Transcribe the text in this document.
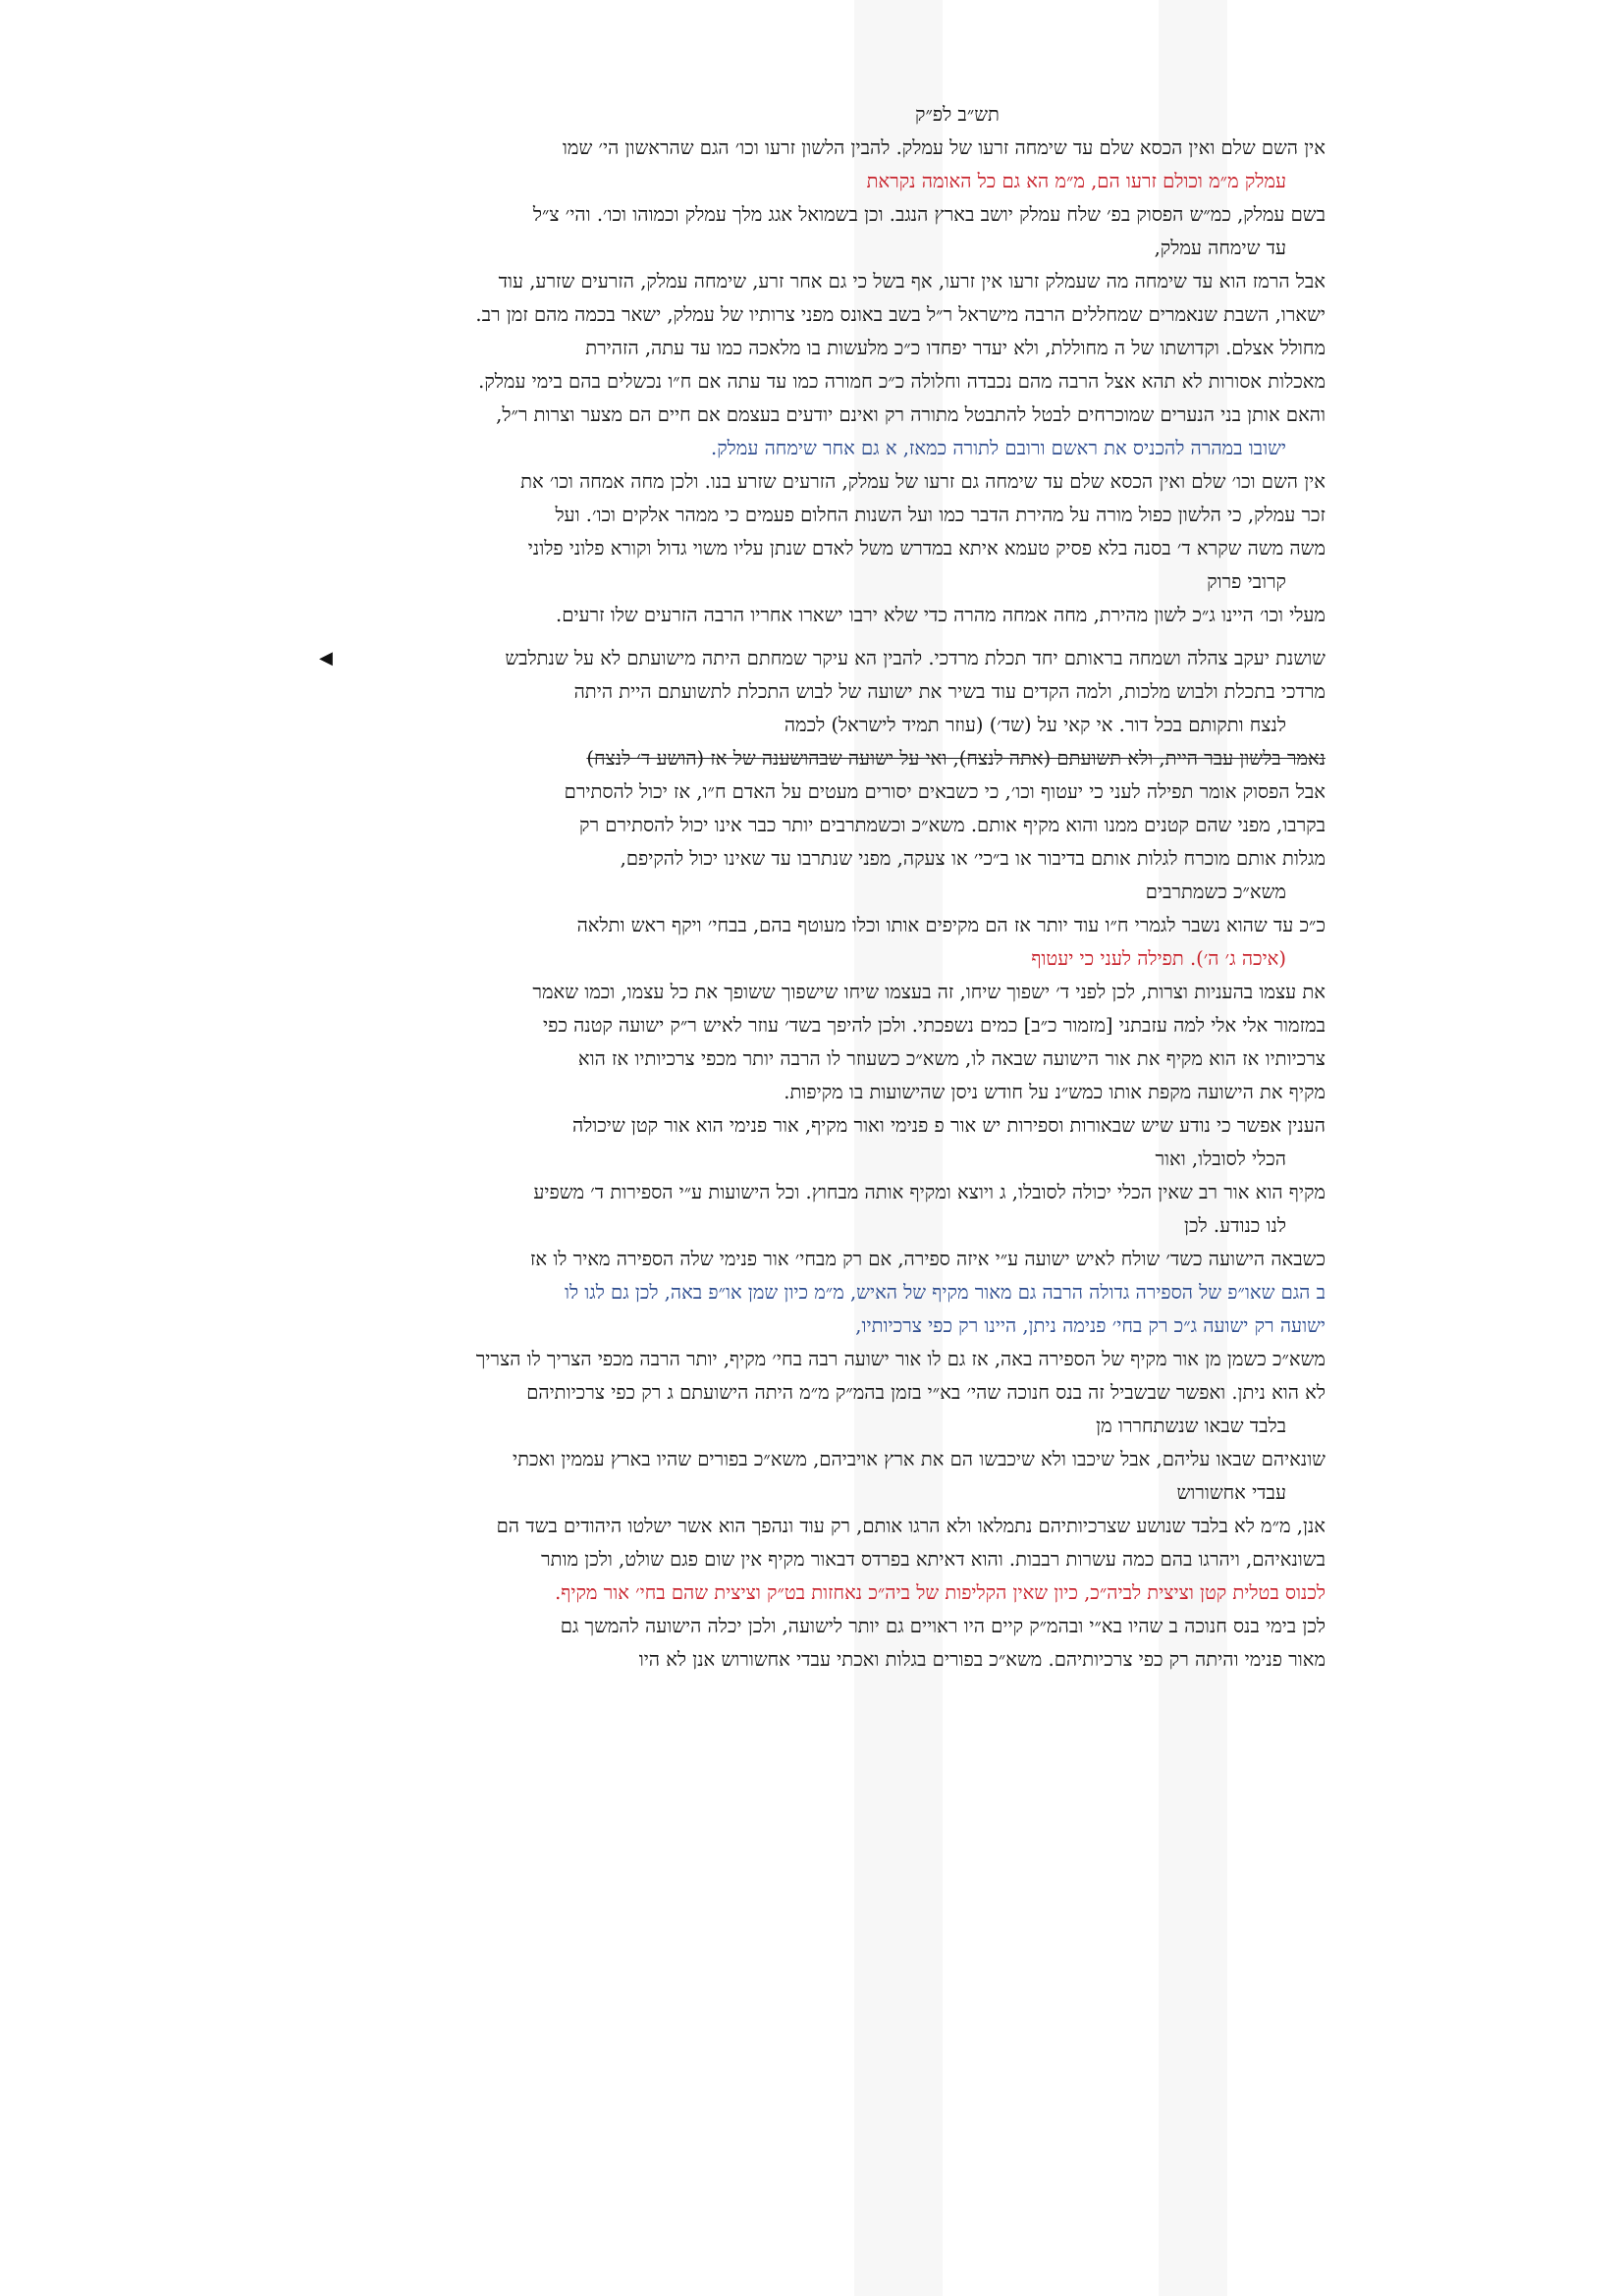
תש״ב לפ״ק
אין השם שלם ואין הכסא שלם עד שימחה זרעו של עמלק. להבין הלשון זרעו וכו׳ הגם שהראשון הי׳ שמו
עמלק מ״מ וכולם זרעו הם, מ״מ הא גם כל האומה נקראת
בשם עמלק, כמ״ש הפסוק בפ׳ שלח עמלק יושב בארץ הנגב. וכן בשמואל אגג מלך עמלק וכמוהו וכו׳. והי׳ צ״ל
עד שימחה עמלק,
אבל הרמז הוא עד שימחה מה שעמלק זרעו אין זרעו, אף בשל כי גם אחר זרע, שימחה עמלק, הזרעים שזרע, עוד
ישארו, השבת שנאמרים שמחללים הרבה מישראל ר״ל בשב באונס מפני צרותיו של עמלק, ישאר בכמה מהם זמן רב.
מחולל אצלם. וקדושתו של ה מחוללת, ולא יעדר יפחדו כ״כ מלעשות בו מלאכה כמו עד עתה, הזהירת
מאכלות אסורות לא תהא אצל הרבה מהם נכבדה וחלולה כ״כ חמורה כמו עד עתה אם ח״ו נכשלים בהם בימי עמלק.
והאם אותן בני הנערים שמוכרחים לבטל להתבטל מתורה רק ואינם יודעים בעצמם אם חיים הם מצער וצרות ר״ל,
ישובו במהרה להכניס את ראשם ורובם לתורה כמאז, א גם אחר שימחה עמלק.
אין השם וכו׳ שלם ואין הכסא שלם עד שימחה גם זרעו של עמלק, הזרעים שזרע בנו. ולכן מחה אמחה וכו׳ את
זכר עמלק, כי הלשון כפול מורה על מהירת הדבר כמו ועל השנות החלום פעמים כי ממהר אלקים וכו׳. ועל
משה משה שקרא ד׳ בסנה בלא פסיק טעמא איתא במדרש משל לאדם שנתן עליו משוי גדול וקורא פלוני פלוני
קרובי פרוק
מעלי וכו׳ היינו ג״כ לשון מהירת, מחה אמחה מהרה כדי שלא ירבו ישארו אחריו הרבה הזרעים שלו זרעים.
◀	שושנת יעקב צהלה ושמחה בראותם יחד תכלת מרדכי. להבין הא עיקר שמחתם היתה מישועתם לא על שנתלבש
מרדכי בתכלת ולבוש מלכות, ולמה הקדים עוד בשיר את ישועה של לבוש התכלת לתשועתם היית היתה
לנצח ותקותם בכל דור. אי קאי על (שד׳) (עוזר תמיד לישראל) לכמה
נאמר בלשון עבר היית, ולא תשועתם (אתה לנצח), ואי על ישועה שבהושענה של אז (הושע ד׳ לנצח)
אבל הפסוק אומר תפילה לעני כי יעטוף וכו׳, כי כשבאים יסורים מעטים על האדם ח״ו, אז יכול להסתירם
בקרבו, מפני שהם קטנים ממנו והוא מקיף אותם. משא״כ וכשמתרבים יותר כבר אינו יכול להסתירם רק
מגלות אותם מוכרח לגלות אותם בדיבור או ב״כי׳ או צעקה, מפני שנתרבו עד שאינו יכול להקיפם,
משא״כ כשמתרבים
כ״כ עד שהוא נשבר לגמרי ח״ו עוד יותר אז הם מקיפים אותו וכלו מעוטף בהם, בבחי׳ ויקף ראש ותלאה
(איכה ג׳ ה׳). תפילה לעני כי יעטוף
את עצמו בהעניות וצרות, לכן לפני ד׳ ישפוך שיחו, זה בעצמו שיחו שישפוך ששופך את כל עצמו, וכמו שאמר
במזמור אלי אלי למה עזבתני [מזמור כ״ב] כמים נשפכתי. ולכן להיפך בשד׳ עוזר לאיש ר״ק ישועה קטנה כפי
צרכיותיו אז הוא מקיף את אור הישועה שבאה לו, משא״כ כשעוזר לו הרבה יותר מכפי צרכיותיו אז הוא
מקיף את הישועה מקפת אותו כמש״נ על חודש ניסן שהישועות בו מקיפות.
הענין אפשר כי נודע שיש שבאורות וספירות יש אור פ פנימי ואור מקיף, אור פנימי הוא אור קטן שיכולה
הכלי לסובלו, ואור
מקיף הוא אור רב שאין הכלי יכולה לסובלו, ג ויוצא ומקיף אותה מבחוץ. וכל הישועות ע״י הספירות ד׳ משפיע
לנו כנודע. לכן
כשבאה הישועה כשד׳ שולח לאיש ישועה ע״י איזה ספירה, אם רק מבחי׳ אור פנימי שלה הספירה מאיר לו אז
ב הגם שאו״פ של הספירה גדולה הרבה גם מאור מקיף של האיש, מ״מ כיון שמן או״פ באה, לכן גם לגו לו
ישועה רק ישועה ג״כ רק בחי׳ פנימה ניתן, היינו רק כפי צרכיותיו,
משא״כ כשמן מן אור מקיף של הספירה באה, אז גם לו אור ישועה רבה בחי׳ מקיף, יותר הרבה מכפי הצריך לו הצריך
לא הוא ניתן. ואפשר שבשביל זה בנס חנוכה שהי׳ בא״י בזמן בהמ״ק מ״מ היתה הישועתם ג רק כפי צרכיותיהם
בלבד שבאו שנשתחררו מן
שונאיהם שבאו עליהם, אבל שיכבו ולא שיכבשו הם את ארץ אויביהם, משא״כ בפורים שהיו בארץ עממין ואכתי
עבדי אחשורוש
אנן, מ״מ לא בלבד שנושע שצרכיותיהם נתמלאו ולא הרגו אותם, רק עוד ונהפך הוא אשר ישלטו היהודים בשד הם
בשונאיהם, ויהרגו בהם כמה עשרות רבבות. והוא דאיתא בפרדס דבאור מקיף אין שום פגם שולט, ולכן מותר
לכנוס בטלית קטן וציצית לביה״כ, כיון שאין הקליפות של ביה״כ נאחזות בט״ק וציצית שהם בחי׳ אור מקיף.
לכן בימי בנס חנוכה ב שהיו בא״י ובהמ״ק קיים היו ראויים גם יותר לישועה, ולכן יכלה הישועה להמשך גם
מאור פנימי והיתה רק כפי צרכיותיהם. משא״כ בפורים בגלות ואכתי עבדי אחשורוש אנן לא היו
